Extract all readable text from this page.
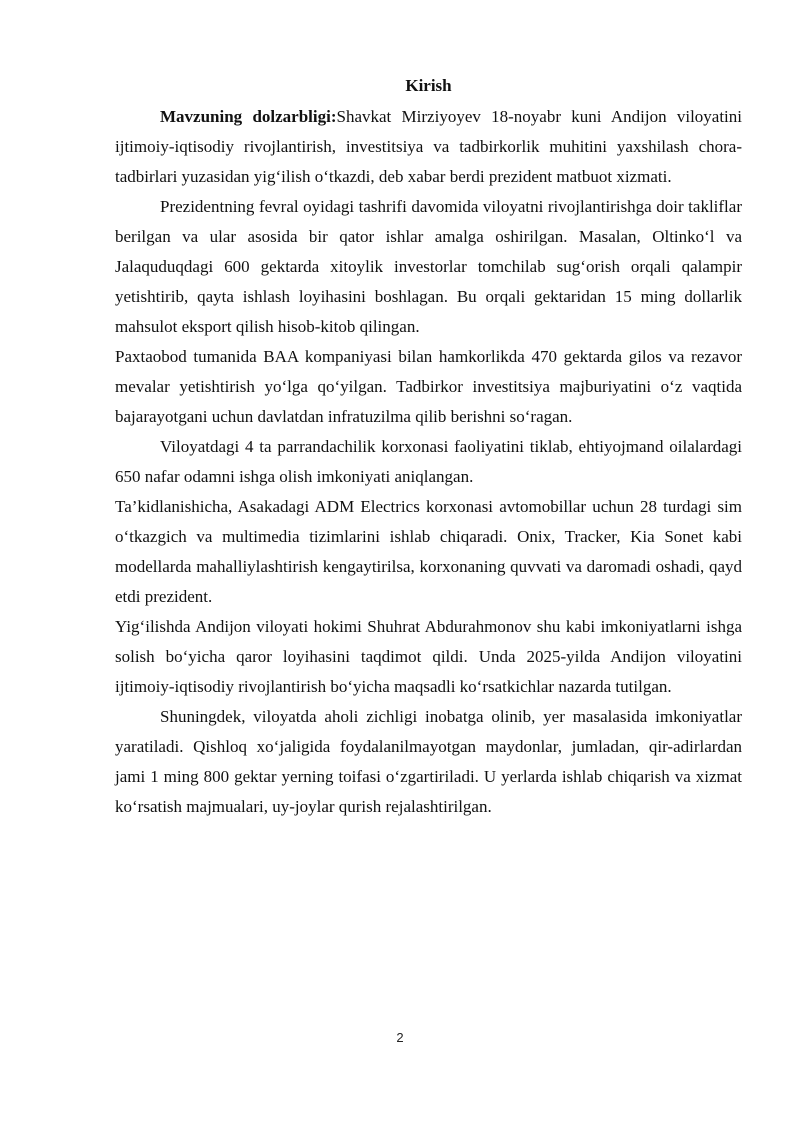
Kirish

Mavzuning dolzarbligi:Shavkat Mirziyoyev 18-noyabr kuni Andijon viloyatini ijtimoiy-iqtisodiy rivojlantirish, investitsiya va tadbirkorlik muhitini yaxshilash chora-tadbirlari yuzasidan yig‘ilish o‘tkazdi, deb xabar berdi prezident matbuot xizmati.

Prezidentning fevral oyidagi tashrifi davomida viloyatni rivojlantirishga doir takliflar berilgan va ular asosida bir qator ishlar amalga oshirilgan. Masalan, Oltinko‘l va Jalaquduqdagi 600 gektarda xitoylik investorlar tomchilab sug‘orish orqali qalampir yetishtirib, qayta ishlash loyihasini boshlagan. Bu orqali gektaridan 15 ming dollarlik mahsulot eksport qilish hisob-kitob qilingan.

Paxtaobod tumanida BAA kompaniyasi bilan hamkorlikda 470 gektarda gilos va rezavor mevalar yetishtirish yo‘lga qo‘yilgan. Tadbirkor investitsiya majburiyatini o‘z vaqtida bajarayotgani uchun davlatdan infratuzilma qilib berishni so‘ragan.

Viloyatdagi 4 ta parrandachilik korxonasi faoliyatini tiklab, ehtiyojmand oilalardagi 650 nafar odamni ishga olish imkoniyati aniqlangan.

Ta’kidlanishicha, Asakadagi ADM Electrics korxonasi avtomobillar uchun 28 turdagi sim o‘tkazgich va multimedia tizimlarini ishlab chiqaradi. Onix, Tracker, Kia Sonet kabi modellarda mahalliylashtirish kengaytirilsa, korxonaning quvvati va daromadi oshadi, qayd etdi prezident.

Yig‘ilishda Andijon viloyati hokimi Shuhrat Abdurahmonov shu kabi imkoniyatlarni ishga solish bo‘yicha qaror loyihasini taqdimot qildi. Unda 2025-yilda Andijon viloyatini ijtimoiy-iqtisodiy rivojlantirish bo‘yicha maqsadli ko‘rsatkichlar nazarda tutilgan.

Shuningdek, viloyatda aholi zichligi inobatga olinib, yer masalasida imkoniyatlar yaratiladi. Qishloq xo‘jaligida foydalanilmayotgan maydonlar, jumladan, qir-adirlardan jami 1 ming 800 gektar yerning toifasi o‘zgartiriladi. U yerlarda ishlab chiqarish va xizmat ko‘rsatish majmualari, uy-joylar qurish rejalashtirilgan.

2
